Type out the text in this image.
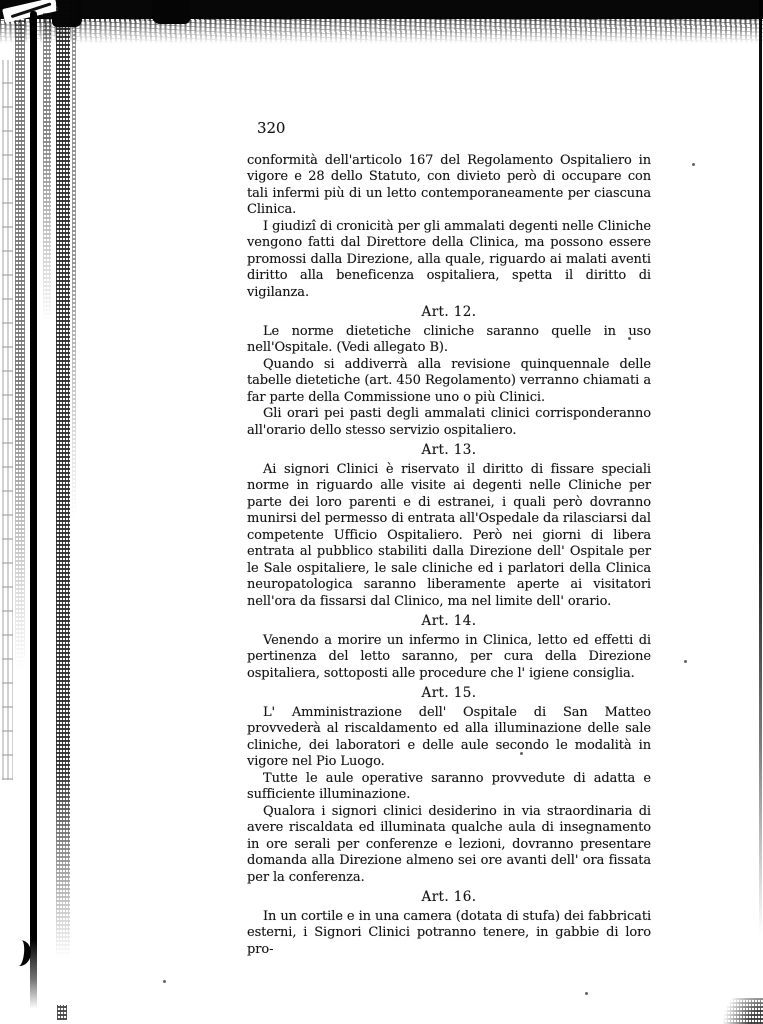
320

conformità dell'articolo 167 del Regolamento Ospitaliero in vigore e 28 dello Statuto, con divieto però di occupare con tali infermi più di un letto contemporaneamente per ciascuna Clinica.

I giudizî di cronicità per gli ammalati degenti nelle Cliniche vengono fatti dal Direttore della Clinica, ma possono essere promossi dalla Direzione, alla quale, riguardo ai malati aventi diritto alla beneficenza ospitaliera, spetta il diritto di vigilanza.

Art. 12.

Le norme dietetiche cliniche saranno quelle in uso nell'Ospitale. (Vedi allegato B).

Quando si addiverrà alla revisione quinquennale delle tabelle dietetiche (art. 450 Regolamento) verranno chiamati a far parte della Commissione uno o più Clinici.

Gli orari pei pasti degli ammalati clinici corrisponderanno all'orario dello stesso servizio ospitaliero.

Art. 13.

Ai signori Clinici è riservato il diritto di fissare speciali norme in riguardo alle visite ai degenti nelle Cliniche per parte dei loro parenti e di estranei, i quali però dovranno munirsi del permesso di entrata all'Ospedale da rilasciarsi dal competente Ufficio Ospitaliero. Però nei giorni di libera entrata al pubblico stabiliti dalla Direzione dell' Ospitale per le Sale ospitaliere, le sale cliniche ed i parlatori della Clinica neuropatologica saranno liberamente aperte ai visitatori nell'ora da fissarsi dal Clinico, ma nel limite dell' orario.

Art. 14.

Venendo a morire un infermo in Clinica, letto ed effetti di pertinenza del letto saranno, per cura della Direzione ospitaliera, sottoposti alle procedure che l' igiene consiglia.

Art. 15.

L' Amministrazione dell' Ospitale di San Matteo provvederà al riscaldamento ed alla illuminazione delle sale cliniche, dei laboratori e delle aule secondo le modalità in vigore nel Pio Luogo.

Tutte le aule operative saranno provvedute di adatta e sufficiente illuminazione.

Qualora i signori clinici desiderino in via straordinaria di avere riscaldata ed illuminata qualche aula di insegnamento in ore serali per conferenze e lezioni, dovranno presentare domanda alla Direzione almeno sei ore avanti dell' ora fissata per la conferenza.

Art. 16.

In un cortile e in una camera (dotata di stufa) dei fabbricati esterni, i Signori Clinici potranno tenere, in gabbie di loro pro-
